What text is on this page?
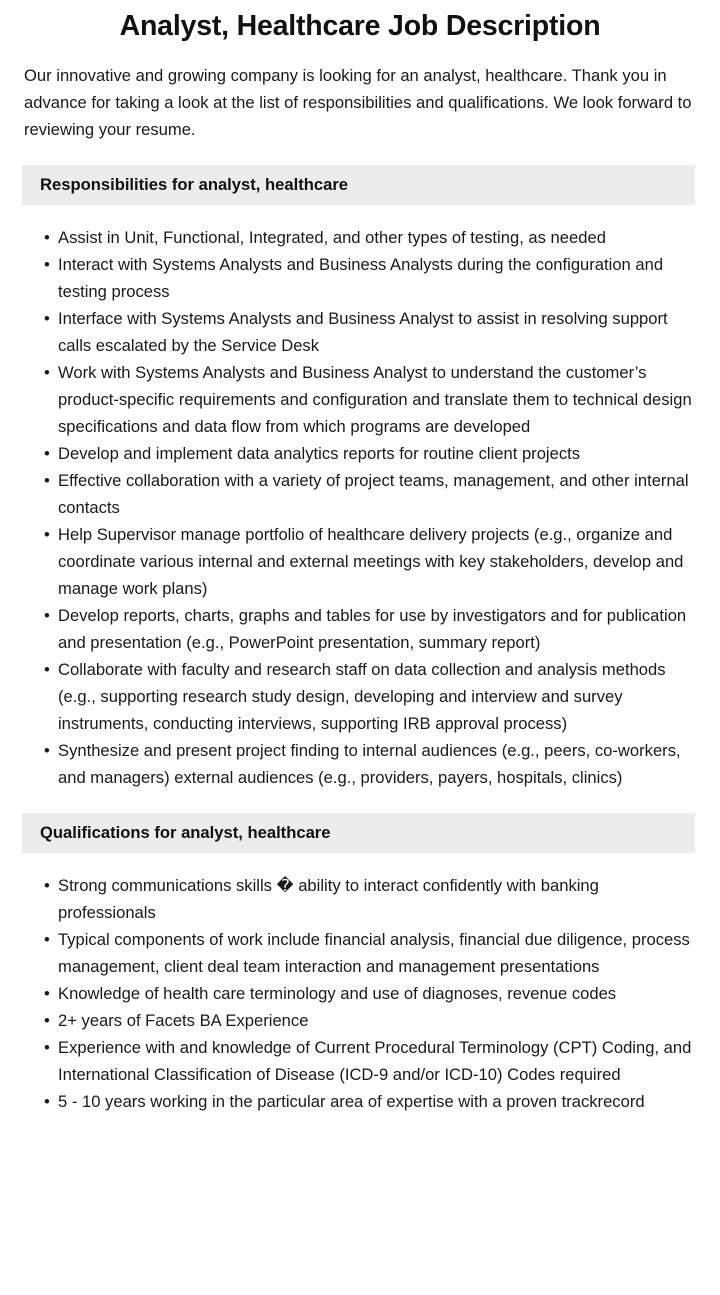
Analyst, Healthcare Job Description

Our innovative and growing company is looking for an analyst, healthcare. Thank you in advance for taking a look at the list of responsibilities and qualifications. We look forward to reviewing your resume.

Responsibilities for analyst, healthcare
• Assist in Unit, Functional, Integrated, and other types of testing, as needed
• Interact with Systems Analysts and Business Analysts during the configuration and testing process
• Interface with Systems Analysts and Business Analyst to assist in resolving support calls escalated by the Service Desk
• Work with Systems Analysts and Business Analyst to understand the customer’s product-specific requirements and configuration and translate them to technical design specifications and data flow from which programs are developed
• Develop and implement data analytics reports for routine client projects
• Effective collaboration with a variety of project teams, management, and other internal contacts
• Help Supervisor manage portfolio of healthcare delivery projects (e.g., organize and coordinate various internal and external meetings with key stakeholders, develop and manage work plans)
• Develop reports, charts, graphs and tables for use by investigators and for publication and presentation (e.g., PowerPoint presentation, summary report)
• Collaborate with faculty and research staff on data collection and analysis methods (e.g., supporting research study design, developing and interview and survey instruments, conducting interviews, supporting IRB approval process)
• Synthesize and present project finding to internal audiences (e.g., peers, co-workers, and managers) external audiences (e.g., providers, payers, hospitals, clinics)
Qualifications for analyst, healthcare
• Strong communications skills � ability to interact confidently with banking professionals
• Typical components of work include financial analysis, financial due diligence, process management, client deal team interaction and management presentations
• Knowledge of health care terminology and use of diagnoses, revenue codes
• 2+ years of Facets BA Experience
• Experience with and knowledge of Current Procedural Terminology (CPT) Coding, and International Classification of Disease (ICD-9 and/or ICD-10) Codes required
• 5 - 10 years working in the particular area of expertise with a proven trackrecord
